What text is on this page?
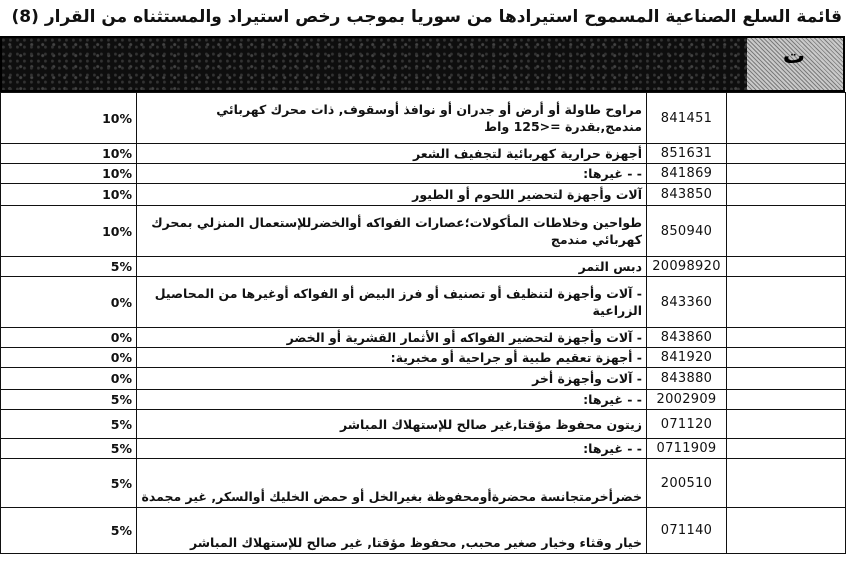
قائمة السلع الصناعية المسموح استيرادها من سوريا بموجب رخص استيراد والمستثناه من القرار (8)
ت
10%	مراوح طاولة أو أرض أو جدران أو نوافذ أوسقوف, ذات محرك كهربائي مندمج,بقدرة =<125 واط	841451	
10%	أجهزة حرارية كهربائية لتجفيف الشعر	851631	
10%	- - غيرها:	841869	
10%	آلات وأجهزة لتحضير اللحوم أو الطيور	843850	
10%	طواحين وخلاطات المأكولات؛عصارات الفواكه أوالخضرللإستعمال المنزلي بمحرك كهربائي مندمج	850940	
5%	دبس التمر	20098920	
0%	- آلات وأجهزة لتنظيف أو تصنيف أو فرز البيض أو الفواكه أوغيرها من المحاصيل الزراعية	843360	
0%	- آلات وأجهزة لتحضير الفواكه أو الأثمار القشرية أو الخضر	843860	
0%	- أجهزة تعقيم طبية أو جراحية أو مخبرية:	841920	
0%	- آلات وأجهزة أخر	843880	
5%	- - غيرها:	2002909	
5%	زيتون محفوظ مؤقتا,غير صالح للإستهلاك المباشر	071120	
5%	- - غيرها:	0711909	
5%	خضرأخرمتجانسة محضرةأومحفوظة بغيرالخل أو حمض الخليك أوالسكر, غير مجمدة	200510	
5%	خيار وقثاء وخيار صغير محبب, محفوظ مؤقتا, غير صالح للإستهلاك المباشر	071140	
